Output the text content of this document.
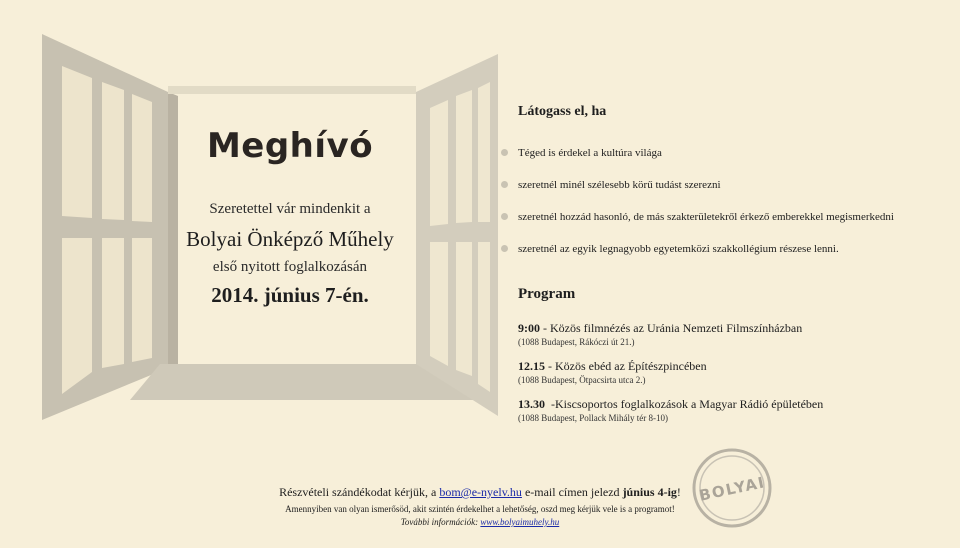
Meghívó
Szeretettel vár mindenkit a
Bolyai Önképző Műhely
első nyitott foglalkozásán
2014. június 7-én.
Látogass el, ha
Téged is érdekel a kultúra világa
szeretnél minél szélesebb körű tudást szerezni
szeretnél hozzád hasonló, de más szakterületekről érkező emberekkel megismerkedni
szeretnél az egyik legnagyobb egyetemközi szakkollégium részese lenni.
Program
9:00 - Közös filmnézés az Uránia Nemzeti Filmszínházban
(1088 Budapest, Rákóczi út 21.)
12.15 - Közös ebéd az Építészpincében
(1088 Budapest, Ötpacsirta utca 2.)
13.30  -Kiscsoportos foglalkozások a Magyar Rádió épületében
(1088 Budapest, Pollack Mihály tér 8-10)
Részvételi szándékodat kérjük, a bom@e-nyelv.hu e-mail címen jelezd június 4-ig!
Amennyiben van olyan ismerősöd, akit szintén érdekelhet a lehetőség, oszd meg kérjük vele is a programot!
További információk: www.bolyaimuhely.hu
BOLYAI
